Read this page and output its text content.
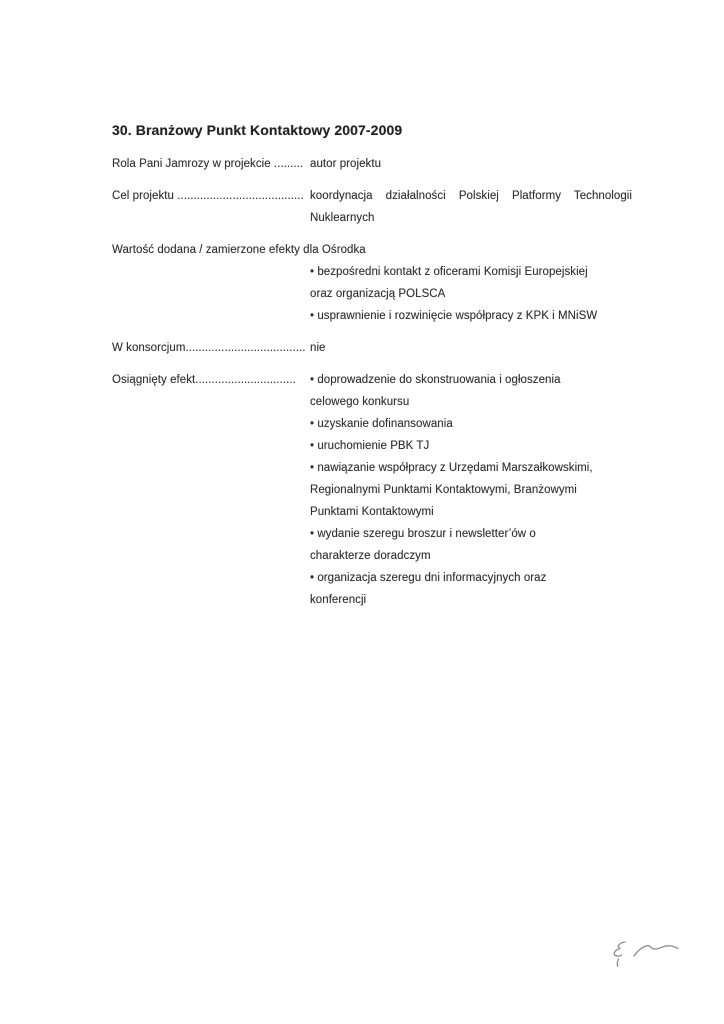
30. Branżowy Punkt Kontaktowy 2007-2009
Rola Pani Jamrozy w projekcie ......... autor projektu
Cel projektu ....................................... koordynacja działalności Polskiej Platformy Technologii
Nuklearnych
Wartość dodana / zamierzone efekty dla Ośrodka
• bezpośredni kontakt z oficerami Komisji Europejskiej
oraz organizacją POLSCA
• usprawnienie i rozwinięcie współpracy z KPK i MNiSW
W konsorcjum..................................... nie
Osiągnięty efekt...............................	• doprowadzenie do skonstruowania i ogłoszenia
celowego konkursu
• uzyskanie dofinansowania
• uruchomienie PBK TJ
• nawiązanie współpracy z Urzędami Marszałkowskimi,
Regionalnymi Punktami Kontaktowymi, Branżowymi
Punktami Kontaktowymi
• wydanie szeregu broszur i newsletter’ów o
charakterze doradczym
• organizacja szeregu dni informacyjnych oraz
konferencji
